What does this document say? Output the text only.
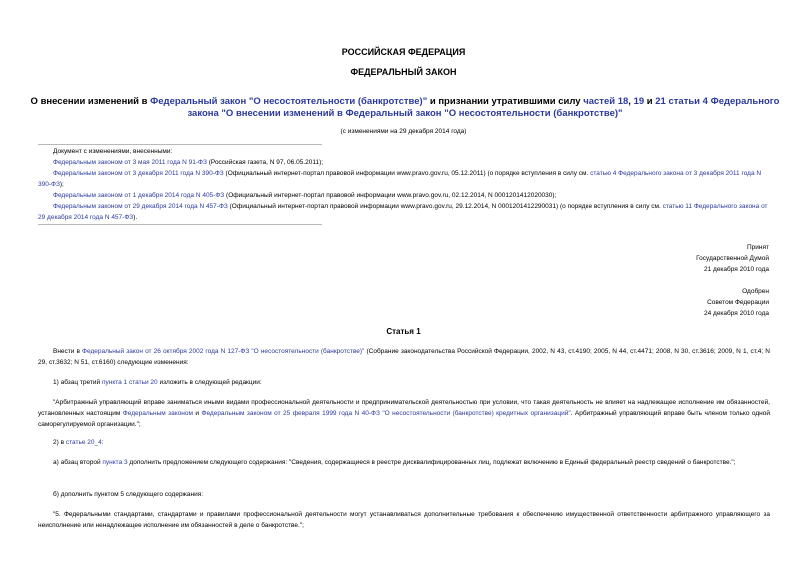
РОССИЙСКАЯ ФЕДЕРАЦИЯ
ФЕДЕРАЛЬНЫЙ ЗАКОН
О внесении изменений в Федеральный закон "О несостоятельности (банкротстве)" и признании утратившими силу частей 18, 19 и 21 статьи 4 Федерального закона "О внесении изменений в Федеральный закон "О несостоятельности (банкротстве)"
(с изменениями на 29 декабря 2014 года)

Документ с изменениями, внесенными:

Федеральным законом от 3 мая 2011 года N 91-ФЗ (Российская газета, N 97, 06.05.2011);

Федеральным законом от 3 декабря 2011 года N 390-ФЗ (Официальный интернет-портал правовой информации www.pravo.gov.ru, 05.12.2011) (о порядке вступления в силу см. статью 4 Федерального закона от 3 декабря 2011 года N 390-ФЗ);

Федеральным законом от 1 декабря 2014 года N 405-ФЗ (Официальный интернет-портал правовой информации www.pravo.gov.ru, 02.12.2014, N 0001201412020030);

Федеральным законом от 29 декабря 2014 года N 457-ФЗ (Официальный интернет-портал правовой информации www.pravo.gov.ru, 29.12.2014, N 0001201412290031) (о порядке вступления в силу см. статью 11 Федерального закона от 29 декабря 2014 года N 457-ФЗ).

Принят
Государственной Думой
21 декабря 2010 года
Одобрен
Советом Федерации
24 декабря 2010 года
Статья 1

Внести в Федеральный закон от 26 октября 2002 года N 127-ФЗ "О несостоятельности (банкротстве)" (Собрание законодательства Российской Федерации, 2002, N 43, ст.4190; 2005, N 44, ст.4471; 2008, N 30, ст.3616; 2009, N 1, ст.4; N 29, ст.3632; N 51, ст.6160) следующие изменения:

1) абзац третий пункта 1 статьи 20 изложить в следующей редакции:

"Арбитражный управляющий вправе заниматься иными видами профессиональной деятельности и предпринимательской деятельностью при условии, что такая деятельность не влияет на надлежащее исполнение им обязанностей, установленных настоящим Федеральным законом и Федеральным законом от 25 февраля 1999 года N 40-ФЗ "О несостоятельности (банкротстве) кредитных организаций". Арбитражный управляющий вправе быть членом только одной саморегулируемой организации.";

2) в статье 20_4:

а) абзац второй пункта 3 дополнить предложением следующего содержания: "Сведения, содержащиеся в реестре дисквалифицированных лиц, подлежат включению в Единый федеральный реестр сведений о банкротстве.";

б) дополнить пунктом 5 следующего содержания:

"5. Федеральными стандартами, стандартами и правилами профессиональной деятельности могут устанавливаться дополнительные требования к обеспечению имущественной ответственности арбитражного управляющего за неисполнение или ненадлежащее исполнение им обязанностей в деле о банкротстве.";
